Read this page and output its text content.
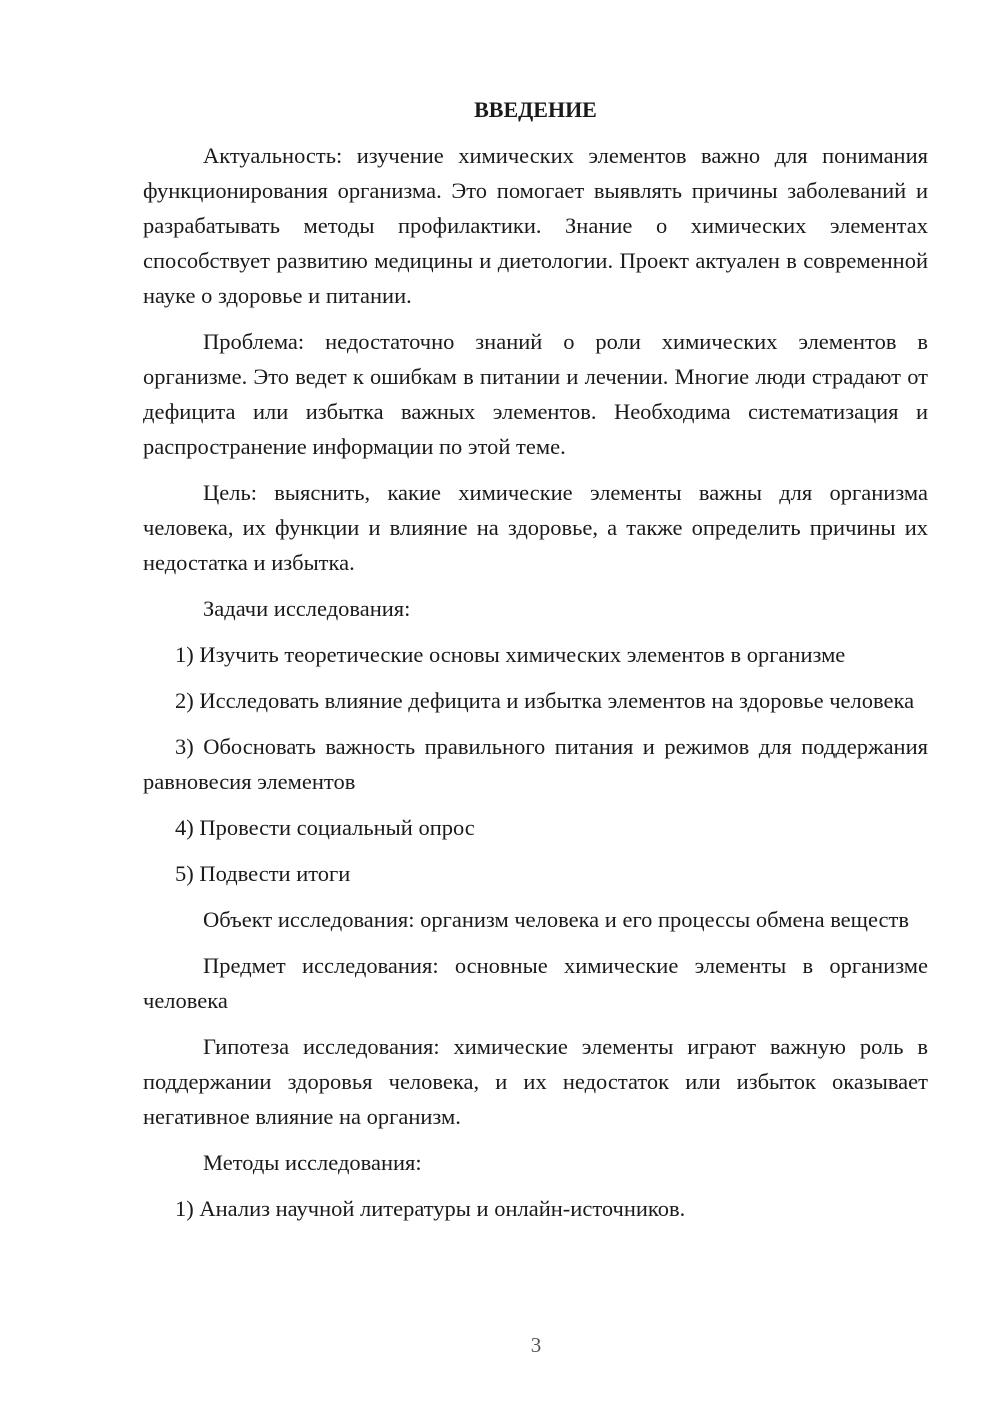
ВВЕДЕНИЕ

Актуальность: изучение химических элементов важно для понимания функционирования организма. Это помогает выявлять причины заболеваний и разрабатывать методы профилактики. Знание о химических элементах способствует развитию медицины и диетологии. Проект актуален в современной науке о здоровье и питании.

Проблема: недостаточно знаний о роли химических элементов в организме. Это ведет к ошибкам в питании и лечении. Многие люди страдают от дефицита или избытка важных элементов. Необходима систематизация и распространение информации по этой теме.

Цель: выяснить, какие химические элементы важны для организма человека, их функции и влияние на здоровье, а также определить причины их недостатка и избытка.

Задачи исследования:

1) Изучить теоретические основы химических элементов в организме

2) Исследовать влияние дефицита и избытка элементов на здоровье человека

3) Обосновать важность правильного питания и режимов для поддержания равновесия элементов

4) Провести социальный опрос

5) Подвести итоги

Объект исследования: организм человека и его процессы обмена веществ

Предмет исследования: основные химические элементы в организме человека

Гипотеза исследования: химические элементы играют важную роль в поддержании здоровья человека, и их недостаток или избыток оказывает негативное влияние на организм.

Методы исследования:

1) Анализ научной литературы и онлайн-источников.

3
